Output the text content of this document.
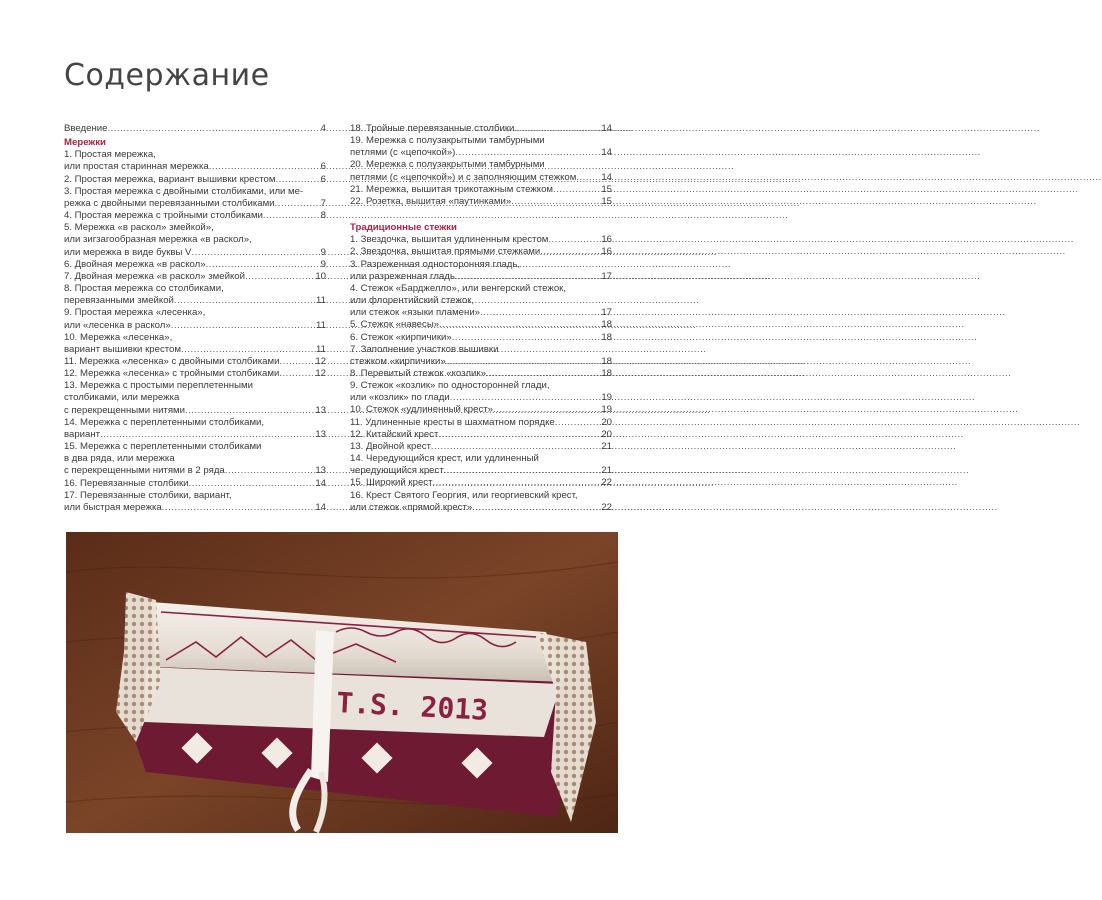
Содержание
Введение .....	4
Мережки
1. Простая мережка,
или простая старинная мережка .....	6
2. Простая мережка, вариант вышивки крестом .....	6
3. Простая мережка с двойными столбиками, или ме-
режка с двойными перевязанными столбиками .....	7
4. Простая мережка с тройными столбиками .....	8
5. Мережка «в раскол» змейкой»,
или зигзагообразная мережка «в раскол»,
или мережка в виде буквы V .....	9
6. Двойная мережка «в раскол» .....	9
7. Двойная мережка «в раскол» змейкой .....	10
8. Простая мережка со столбиками,
перевязанными змейкой .....	11
9. Простая мережка «лесенка»,
или «лесенка в раскол» .....	11
10. Мережка «лесенка»,
вариант вышивки крестом .....	11
11. Мережка «лесенка» с двойными столбиками .....	12
12. Мережка «лесенка» с тройными столбиками .....	12
13. Мережка с простыми переплетенными
столбиками, или мережка
с перекрещенными нитями .....	13
14. Мережка с переплетенными столбиками,
вариант .....	13
15. Мережка с переплетенными столбиками
в два ряда, или мережка
с перекрещенными нитями в 2 ряда .....	13
16. Перевязанные столбики .....	14
17. Перевязанные столбики, вариант,
или быстрая мережка .....	14
18. Тройные перевязанные столбики .....	14
19. Мережка с полузакрытыми тамбурными
петлями (с «цепочкой») .....	14
20. Мережка с полузакрытыми тамбурными
петлями (с «цепочкой») и с заполняющим стежком .....	14
21. Мережка, вышитая трикотажным стежком .....	15
22. Розетка, вышитая «паутинками» .....	15
Традиционные стежки
1. Звездочка, вышитая удлиненным крестом .....	16
2. Звездочка, вышитая прямыми стежками .....	16
3. Разреженная односторонняя гладь,
или разреженная гладь .....	17
4. Стежок «Барджелло», или венгерский стежок,
или флорентийский стежок,
или стежок «языки пламени» .....	17
5. Стежок «навесы» .....	18
6. Стежок «кирпичики» .....	18
7. Заполнение участков вышивки
стежком «кирпичики» .....	18
8. Перевитый стежок «козлик» .....	18
9. Стежок «козлик» по односторонней глади,
или «козлик» по глади .....	19
10. Стежок «удлиненный крест» .....	19
11. Удлиненные кресты в шахматном порядке .....	20
12. Китайский крест .....	20
13. Двойной крест .....	21
14. Чередующийся крест, или удлиненный
чередующийся крест .....	21
15. Широкий крест .....	22
16. Крест Святого Георгия, или георгиевский крест,
или стежок «прямой крест» .....	22
T.S. 2013
